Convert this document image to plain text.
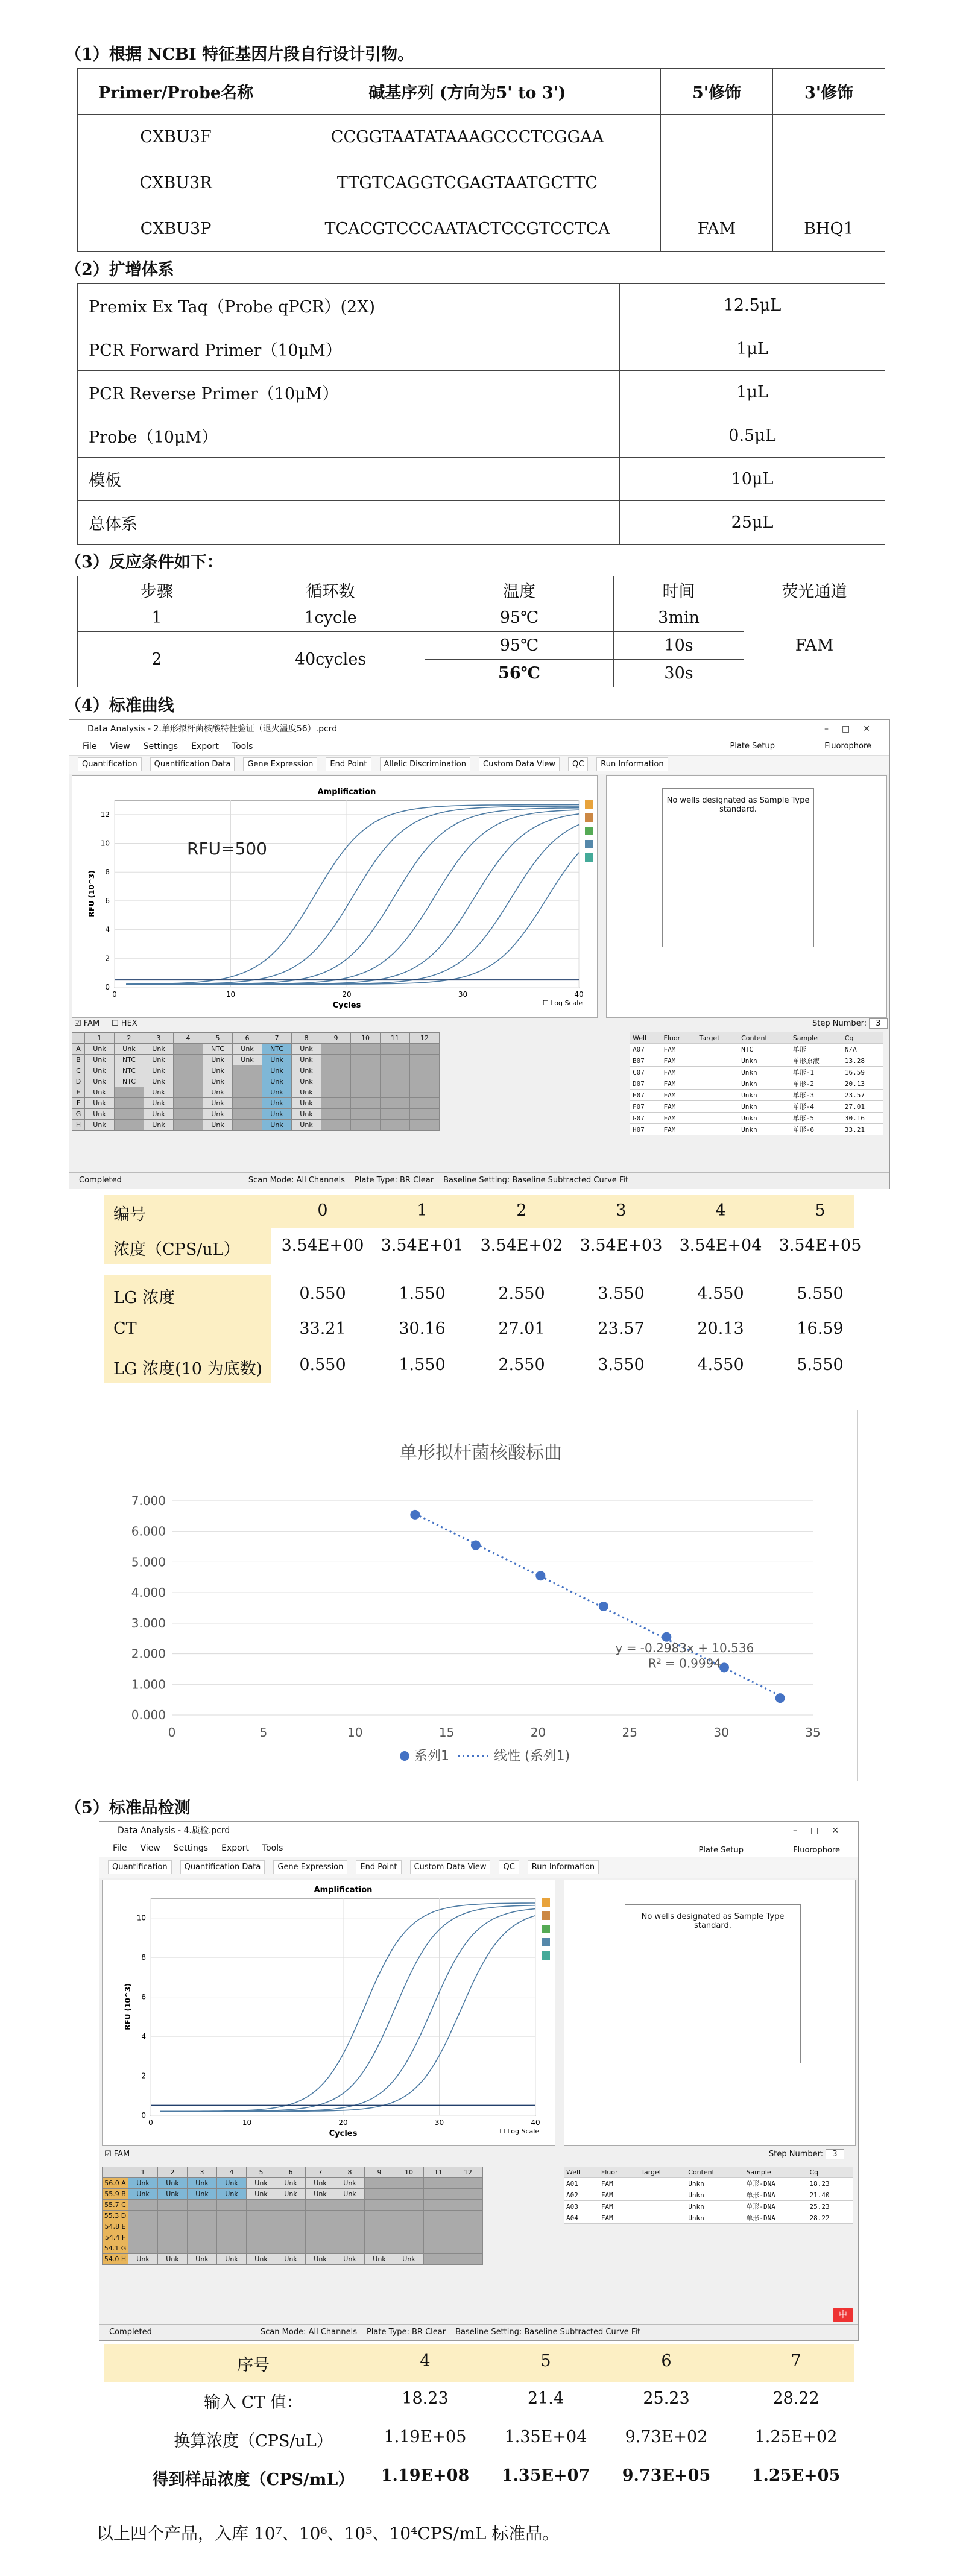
（1）根据 NCBI 特征基因片段自行设计引物。
Primer/Probe名称	碱基序列 (方向为5' to 3')	5'修饰	3'修饰
CXBU3F	CCGGTAATATAAAGCCCTCGGAA		
CXBU3R	TTGTCAGGTCGAGTAATGCTTC		
CXBU3P	TCACGTCCCAATACTCCGTCCTCA	FAM	BHQ1
（2）扩增体系
Premix Ex Taq（Probe qPCR）(2X)	12.5μL
PCR Forward Primer（10μM）	1μL
PCR Reverse Primer（10μM）	1μL
Probe（10μM）	0.5μL
模板	10μL
总体系	25μL
（3）反应条件如下：
步骤	循环数	温度	时间	荧光通道
1	1cycle	95℃	3min	FAM
2	40cycles	95℃	10s	
		56℃	30s	
（4）标准曲线
Data Analysis - 2.单形拟杆菌核酸特性验证（退火温度56）.pcrd	–□✕
File View Settings Export Tools	Plate Setup	Fluorophore
Quantification Quantification Data Gene Expression End Point Allelic Discrimination Custom Data View QC Run Information
Amplification
0	10	20	30	40
0
2
4
6
8
10
12
Cycles
RFU (10^3)
☐ Log Scale
RFU=500
No wells designated as Sample Type standard.
☑ FAM ☐ HEX	Step Number: 3
	1	2	3	4	5	6	7	8	9	10	11	12
A	Unk	Unk	Unk		NTC	Unk	NTC	Unk				
B	Unk	NTC	Unk		Unk	Unk	Unk	Unk				
C	Unk	NTC	Unk		Unk		Unk	Unk				
D	Unk	NTC	Unk		Unk		Unk	Unk				
E	Unk		Unk		Unk		Unk	Unk				
F	Unk		Unk		Unk		Unk	Unk				
G	Unk		Unk		Unk		Unk	Unk				
H	Unk		Unk		Unk		Unk	Unk				
Well	Fluor	Target	Content	Sample	Cq
A07	FAM		NTC	单形	N/A
B07	FAM		Unkn	单形原液	13.28
C07	FAM		Unkn	单形-1	16.59
D07	FAM		Unkn	单形-2	20.13
E07	FAM		Unkn	单形-3	23.57
F07	FAM		Unkn	单形-4	27.01
G07	FAM		Unkn	单形-5	30.16
H07	FAM		Unkn	单形-6	33.21
Completed	Scan Mode: All Channels Plate Type: BR Clear Baseline Setting: Baseline Subtracted Curve Fit
编号	0	1	2	3	4	5
浓度（CPS/uL）	3.54E+00	3.54E+01	3.54E+02	3.54E+03	3.54E+04	3.54E+05
LG 浓度	0.550	1.550	2.550	3.550	4.550	5.550
CT	33.21	30.16	27.01	23.57	20.13	16.59
LG 浓度(10 为底数)	0.550	1.550	2.550	3.550	4.550	5.550
单形拟杆菌核酸标曲
0.000
1.000
2.000
3.000
4.000
5.000
6.000
7.000
0	5	10	15	20	25	30	35
y = -0.2983x + 10.536
R² = 0.9994
系列1	线性 (系列1)
（5）标准品检测
Data Analysis - 4.质检.pcrd	–□✕
File View Settings Export Tools	Plate Setup	Fluorophore
Quantification Quantification Data Gene Expression End Point Custom Data View QC Run Information
Amplification
0	10	20	30	40
0
2
4
6
8
10
Cycles
RFU (10^3)
☐ Log Scale
No wells designated as Sample Type standard.
☑ FAM	Step Number: 3
	1	2	3	4	5	6	7	8	9	10	11	12
56.0 A	Unk	Unk	Unk	Unk	Unk	Unk	Unk	Unk				
55.9 B	Unk	Unk	Unk	Unk	Unk	Unk	Unk	Unk				
55.7 C												
55.3 D												
54.8 E												
54.4 F												
54.1 G												
54.0 H	Unk	Unk	Unk	Unk	Unk	Unk	Unk	Unk	Unk	Unk		
Well	Fluor	Target	Content	Sample	Cq
A01	FAM		Unkn	单形-DNA	18.23
A02	FAM		Unkn	单形-DNA	21.40
A03	FAM		Unkn	单形-DNA	25.23
A04	FAM		Unkn	单形-DNA	28.22
中
Completed	Scan Mode: All Channels Plate Type: BR Clear Baseline Setting: Baseline Subtracted Curve Fit
序号	4	5	6	7
输入 CT 值：	18.23	21.4	25.23	28.22
换算浓度（CPS/uL）	1.19E+05	1.35E+04	9.73E+02	1.25E+02
得到样品浓度（CPS/mL）	1.19E+08	1.35E+07	9.73E+05	1.25E+05
以上四个产品，入库 10⁷、10⁶、10⁵、10⁴CPS/mL 标准品。
